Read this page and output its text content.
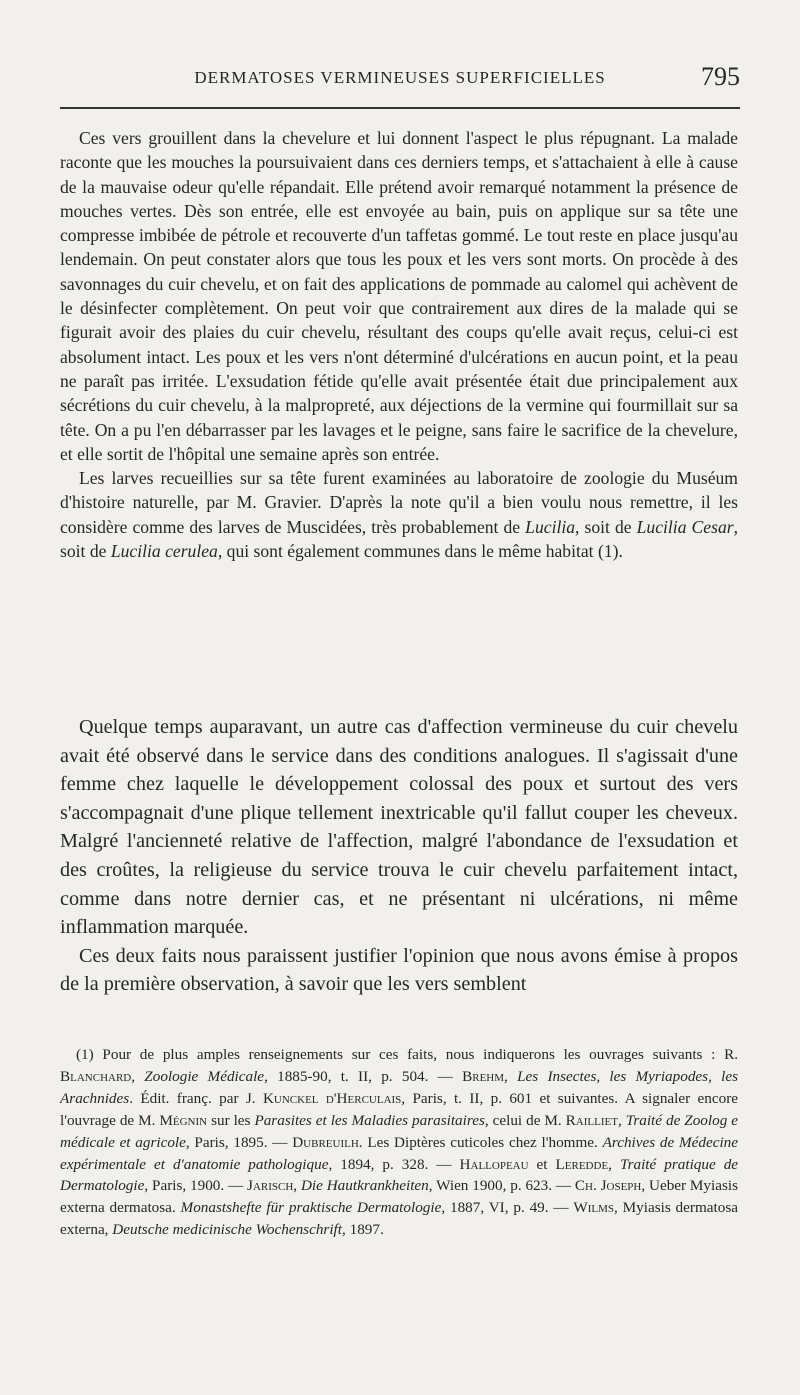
DERMATOSES VERMINEUSES SUPERFICIELLES	795

Ces vers grouillent dans la chevelure et lui donnent l'aspect le plus répugnant. La malade raconte que les mouches la poursuivaient dans ces derniers temps, et s'attachaient à elle à cause de la mauvaise odeur qu'elle répandait. Elle prétend avoir remarqué notamment la présence de mouches vertes. Dès son entrée, elle est envoyée au bain, puis on applique sur sa tête une compresse imbibée de pétrole et recouverte d'un taffetas gommé. Le tout reste en place jusqu'au lendemain. On peut constater alors que tous les poux et les vers sont morts. On procède à des savonnages du cuir chevelu, et on fait des applications de pommade au calomel qui achèvent de le désinfecter complètement. On peut voir que contrairement aux dires de la malade qui se figurait avoir des plaies du cuir chevelu, résultant des coups qu'elle avait reçus, celui-ci est absolument intact. Les poux et les vers n'ont déterminé d'ulcérations en aucun point, et la peau ne paraît pas irritée. L'exsudation fétide qu'elle avait présentée était due principalement aux sécrétions du cuir chevelu, à la malpropreté, aux déjections de la vermine qui fourmillait sur sa tête. On a pu l'en débarrasser par les lavages et le peigne, sans faire le sacrifice de la chevelure, et elle sortit de l'hôpital une semaine après son entrée.

Les larves recueillies sur sa tête furent examinées au laboratoire de zoologie du Muséum d'histoire naturelle, par M. Gravier. D'après la note qu'il a bien voulu nous remettre, il les considère comme des larves de Muscidées, très probablement de Lucilia, soit de Lucilia Cesar, soit de Lucilia cerulea, qui sont également communes dans le même habitat (1).

Quelque temps auparavant, un autre cas d'affection vermineuse du cuir chevelu avait été observé dans le service dans des conditions analogues. Il s'agissait d'une femme chez laquelle le développement colossal des poux et surtout des vers s'accompagnait d'une plique tellement inextricable qu'il fallut couper les cheveux. Malgré l'ancienneté relative de l'affection, malgré l'abondance de l'exsudation et des croûtes, la religieuse du service trouva le cuir chevelu parfaitement intact, comme dans notre dernier cas, et ne présentant ni ulcérations, ni même inflammation marquée.

Ces deux faits nous paraissent justifier l'opinion que nous avons émise à propos de la première observation, à savoir que les vers semblent

(1) Pour de plus amples renseignements sur ces faits, nous indiquerons les ouvrages suivants : R. Blanchard, Zoologie Médicale, 1885-90, t. II, p. 504. — Brehm, Les Insectes, les Myriapodes, les Arachnides. Édit. franç. par J. Kunckel d'Herculais, Paris, t. II, p. 601 et suivantes. A signaler encore l'ouvrage de M. Mégnin sur les Parasites et les Maladies parasitaires, celui de M. Railliet, Traité de Zoolog e médicale et agricole, Paris, 1895. — Dubreuilh. Les Diptères cuticoles chez l'homme. Archives de Médecine expérimentale et d'anatomie pathologique, 1894, p. 328. — Hallopeau et Leredde, Traité pratique de Dermatologie, Paris, 1900. — Jarisch, Die Hautkrankheiten, Wien 1900, p. 623. — Ch. Joseph, Ueber Myiasis externa dermatosa. Monastshefte für praktische Dermatologie, 1887, VI, p. 49. — Wilms, Myiasis dermatosa externa, Deutsche medicinische Wochenschrift, 1897.
